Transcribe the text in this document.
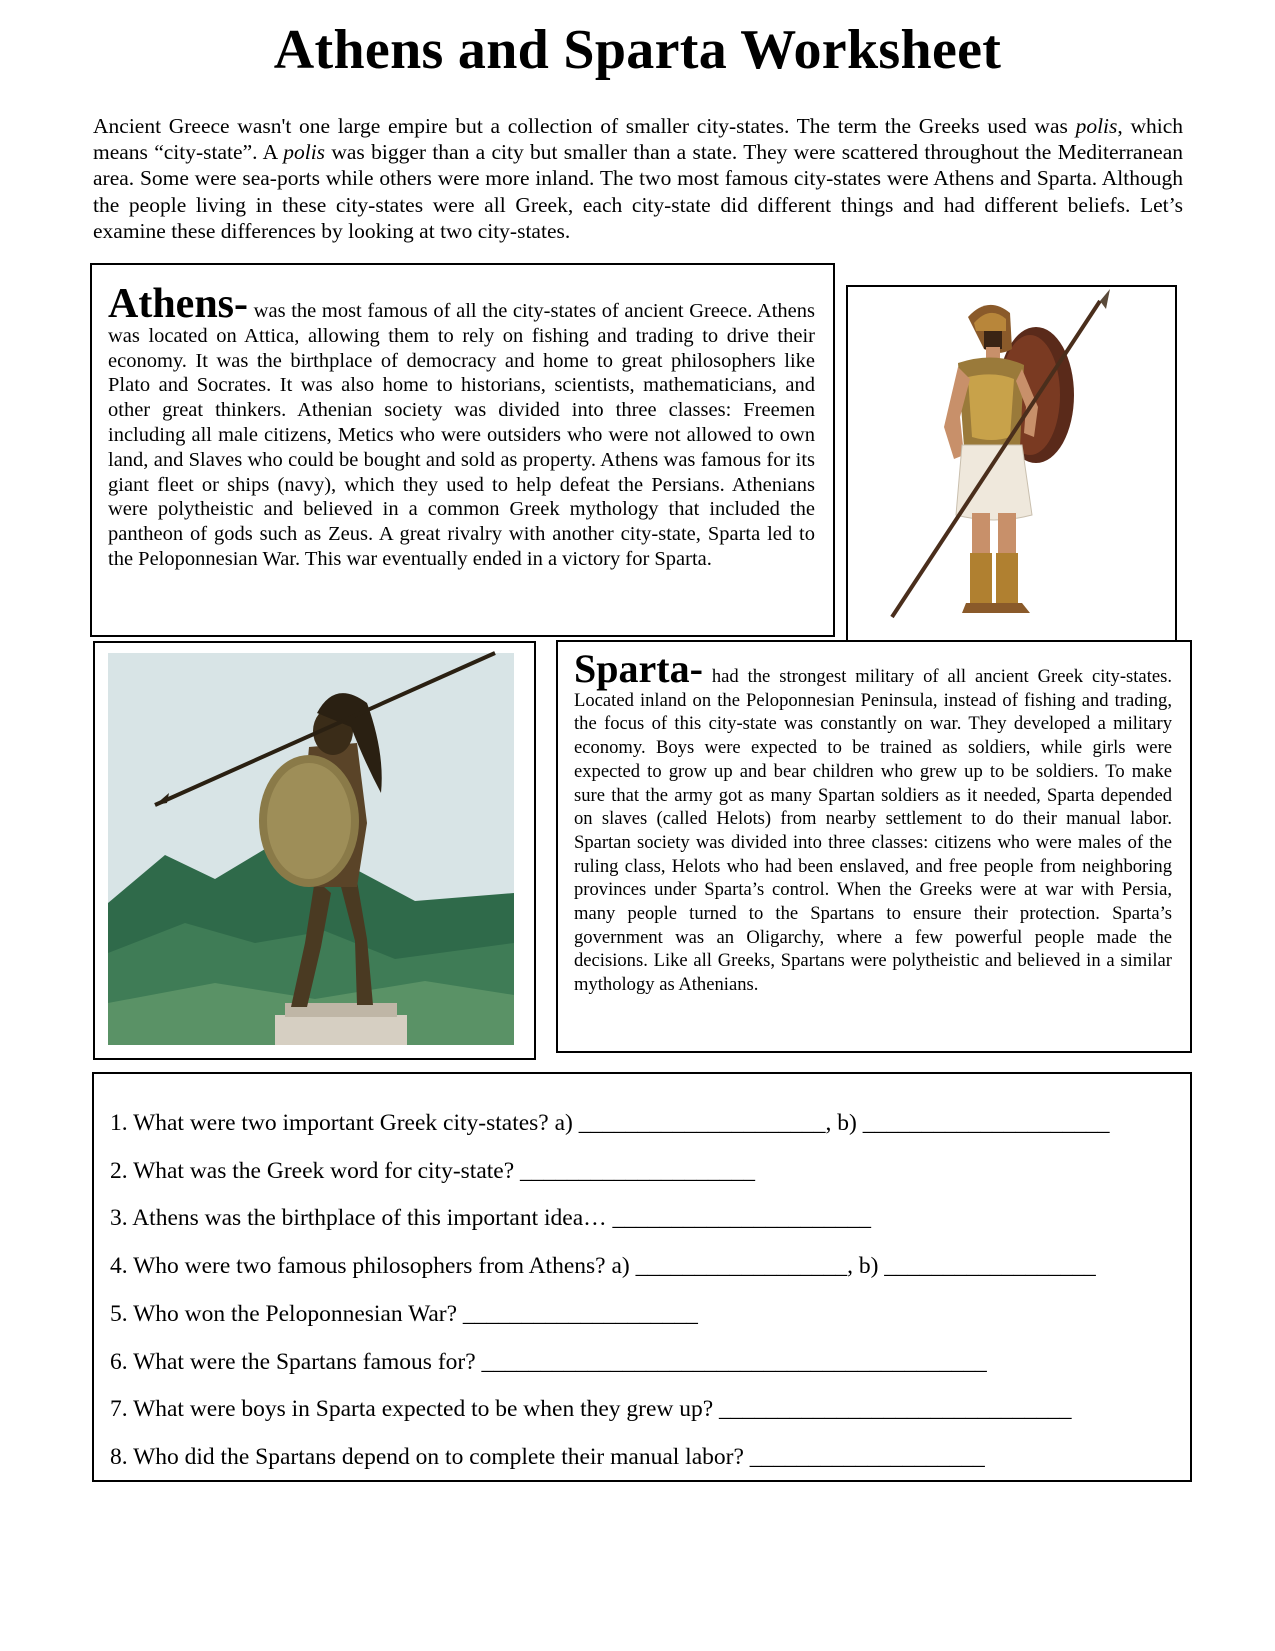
Athens and Sparta Worksheet
Ancient Greece wasn't one large empire but a collection of smaller city-states. The term the Greeks used was polis, which means “city-state”. A polis was bigger than a city but smaller than a state. They were scattered throughout the Mediterranean area. Some were sea-ports while others were more inland. The two most famous city-states were Athens and Sparta. Although the people living in these city-states were all Greek, each city-state did different things and had different beliefs. Let’s examine these differences by looking at two city-states.
Athens- was the most famous of all the city-states of ancient Greece. Athens was located on Attica, allowing them to rely on fishing and trading to drive their economy. It was the birthplace of democracy and home to great philosophers like Plato and Socrates. It was also home to historians, scientists, mathematicians, and other great thinkers. Athenian society was divided into three classes: Freemen including all male citizens, Metics who were outsiders who were not allowed to own land, and Slaves who could be bought and sold as property. Athens was famous for its giant fleet or ships (navy), which they used to help defeat the Persians. Athenians were polytheistic and believed in a common Greek mythology that included the pantheon of gods such as Zeus. A great rivalry with another city-state, Sparta led to the Peloponnesian War. This war eventually ended in a victory for Sparta.
Sparta- had the strongest military of all ancient Greek city-states. Located inland on the Peloponnesian Peninsula, instead of fishing and trading, the focus of this city-state was constantly on war. They developed a military economy. Boys were expected to be trained as soldiers, while girls were expected to grow up and bear children who grew up to be soldiers. To make sure that the army got as many Spartan soldiers as it needed, Sparta depended on slaves (called Helots) from nearby settlement to do their manual labor. Spartan society was divided into three classes: citizens who were males of the ruling class, Helots who had been enslaved, and free people from neighboring provinces under Sparta’s control. When the Greeks were at war with Persia, many people turned to the Spartans to ensure their protection. Sparta’s government was an Oligarchy, where a few powerful people made the decisions. Like all Greeks, Spartans were polytheistic and believed in a similar mythology as Athenians.
1. What were two important Greek city-states? a) _____________________, b) _____________________
2. What was the Greek word for city-state? ____________________
3. Athens was the birthplace of this important idea… ______________________
4. Who were two famous philosophers from Athens? a) __________________, b) __________________
5. Who won the Peloponnesian War? ____________________
6. What were the Spartans famous for? ___________________________________________
7. What were boys in Sparta expected to be when they grew up? ______________________________
8. Who did the Spartans depend on to complete their manual labor? ____________________
